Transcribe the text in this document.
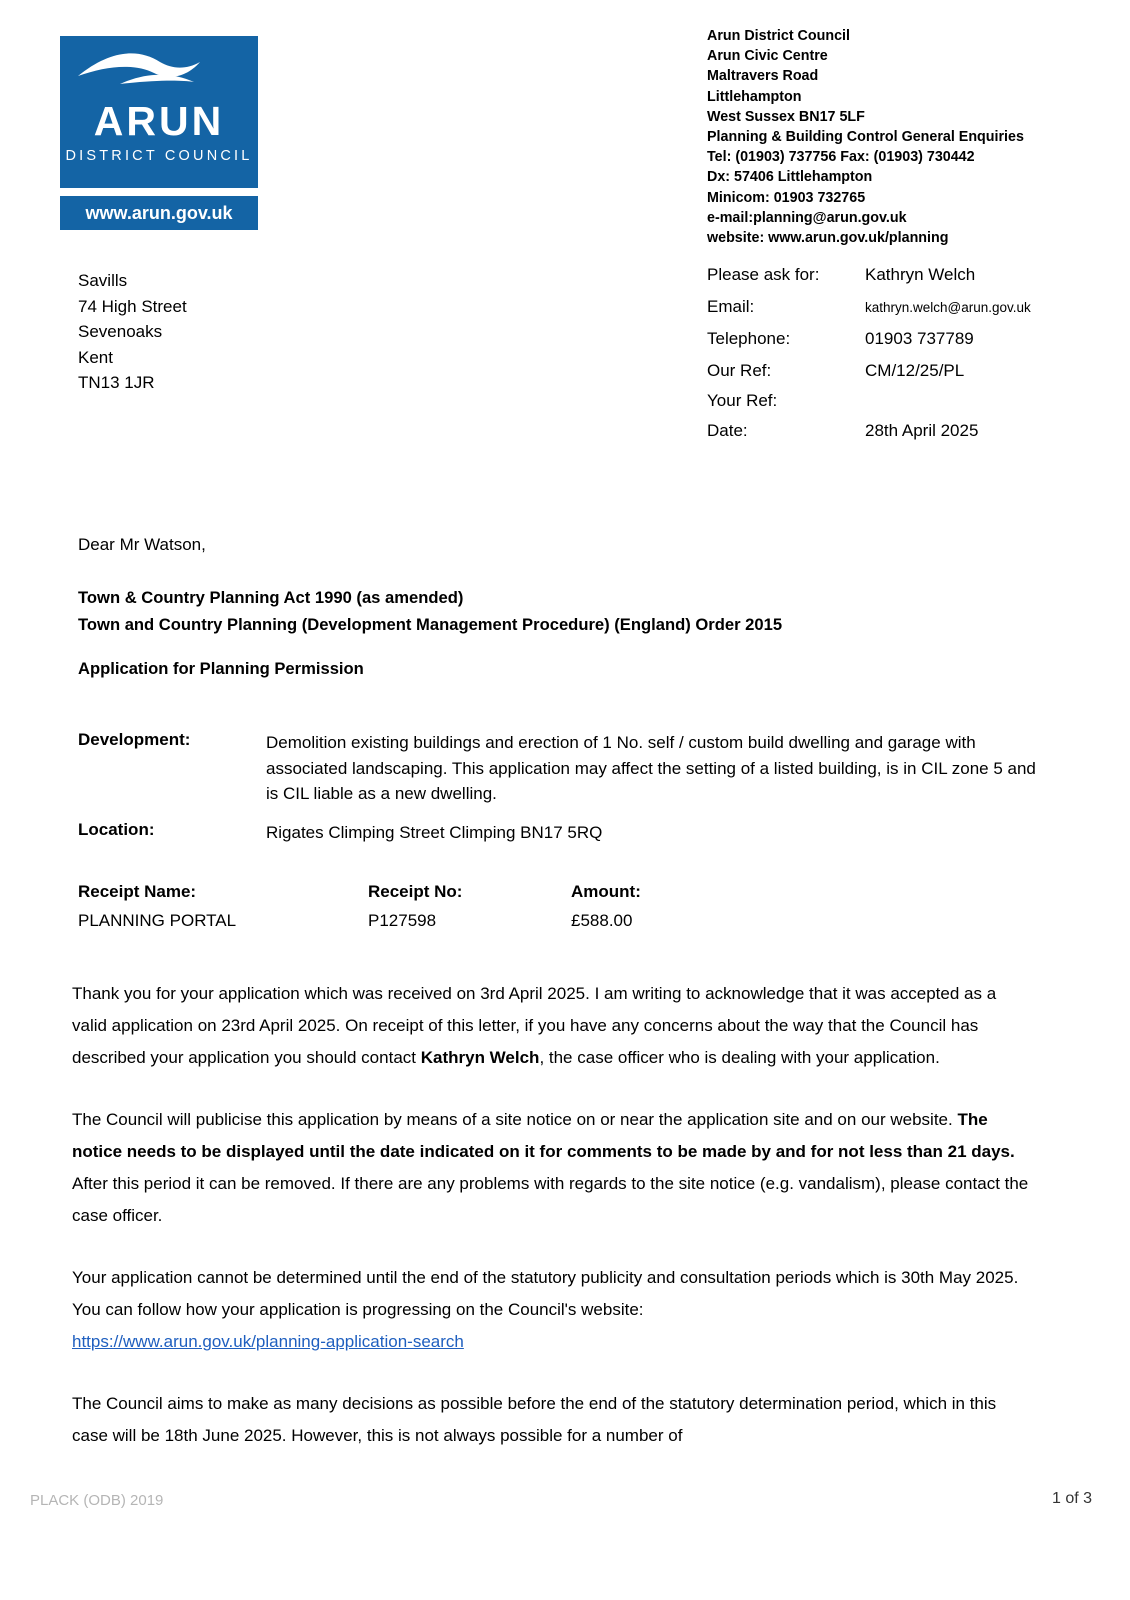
ARUN
DISTRICT COUNCIL
www.arun.gov.uk
Arun District Council
Arun Civic Centre
Maltravers Road
Littlehampton
West Sussex BN17 5LF
Planning & Building Control General Enquiries
Tel: (01903) 737756 Fax: (01903) 730442
Dx: 57406 Littlehampton
Minicom: 01903 732765
e-mail:planning@arun.gov.uk
website: www.arun.gov.uk/planning
Savills
74 High Street
Sevenoaks
Kent
TN13 1JR
Please ask for:	Kathryn Welch
Email:	kathryn.welch@arun.gov.uk
Telephone:	01903 737789
Our Ref:	CM/12/25/PL
Your Ref:
Date:	28th April 2025
Dear Mr Watson,
Town & Country Planning Act 1990 (as amended)
Town and Country Planning (Development Management Procedure) (England) Order 2015
Application for Planning Permission
Development:	Demolition existing buildings and erection of 1 No. self / custom build dwelling and garage with associated landscaping. This application may affect the setting of a listed building, is in CIL zone 5 and is CIL liable as a new dwelling.
Location:	Rigates Climping Street Climping BN17 5RQ
Receipt Name:	Receipt No:	Amount:
PLANNING PORTAL	P127598	£588.00

Thank you for your application which was received on 3rd April 2025. I am writing to acknowledge that it was accepted as a valid application on 23rd April 2025. On receipt of this letter, if you have any concerns about the way that the Council has described your application you should contact Kathryn Welch, the case officer who is dealing with your application.

The Council will publicise this application by means of a site notice on or near the application site and on our website. The notice needs to be displayed until the date indicated on it for comments to be made by and for not less than 21 days. After this period it can be removed. If there are any problems with regards to the site notice (e.g. vandalism), please contact the case officer.

Your application cannot be determined until the end of the statutory publicity and consultation periods which is 30th May 2025. You can follow how your application is progressing on the Council's website:
https://www.arun.gov.uk/planning-application-search

The Council aims to make as many decisions as possible before the end of the statutory determination period, which in this case will be 18th June 2025. However, this is not always possible for a number of

PLACK (ODB) 2019	1 of 3
